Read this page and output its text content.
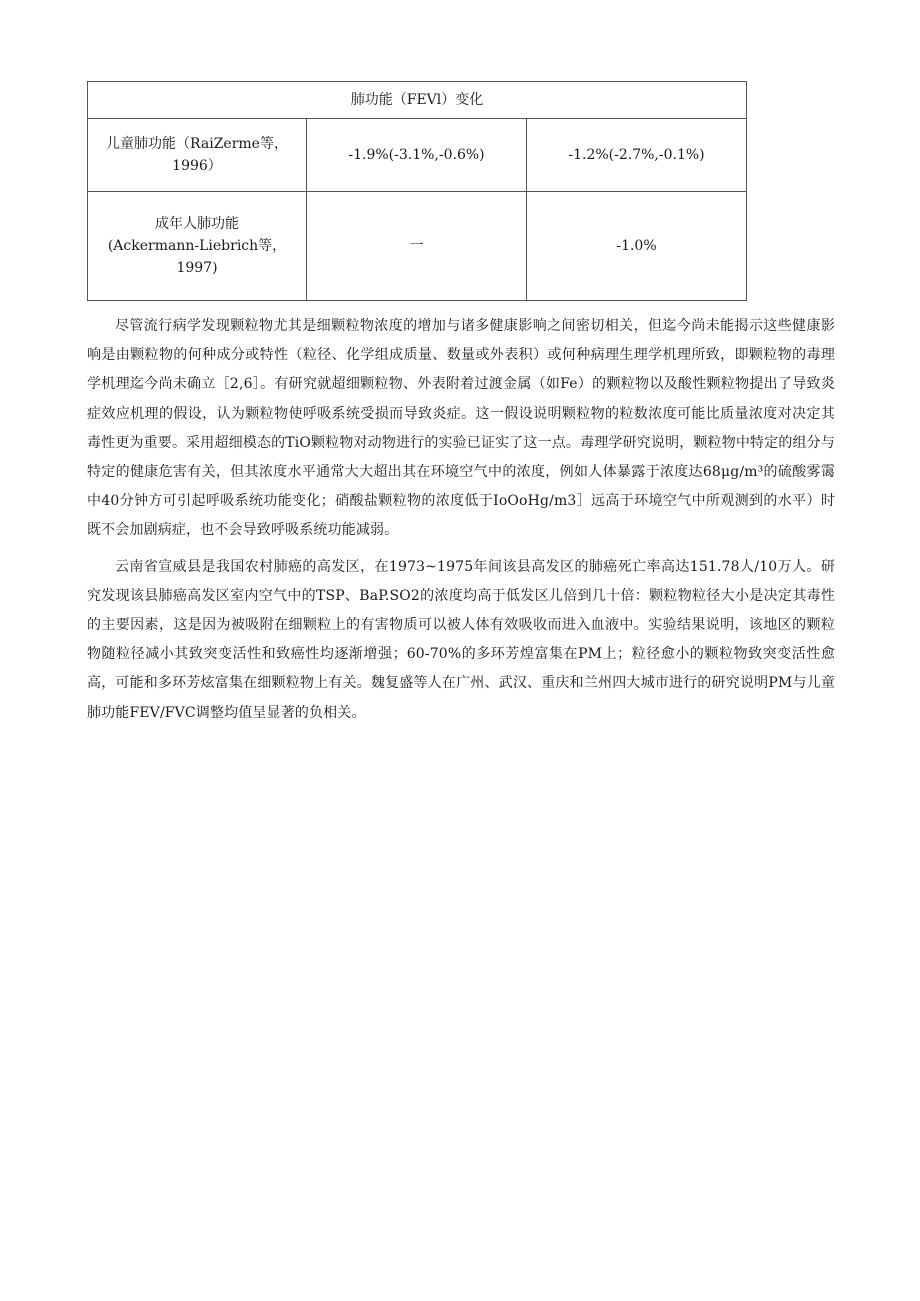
肺功能（FEVl）变化		

儿童肺功能（RaiZerme等，
1996）	-1.9%(-3.1%,-0.6%)	-1.2%(-2.7%,-0.1%)

成年人肺功能
(Ackermann-Liebrich等，
1997)	一	-1.0%

尽管流行病学发现颗粒物尤其是细颗粒物浓度的增加与诸多健康影响之间密切相关，但迄今尚未能揭示这些健康影响是由颗粒物的何种成分或特性（粒径、化学组成质量、数量或外表积）或何种病理生理学机理所致，即颗粒物的毒理学机理迄今尚未确立［2,6］。有研究就超细颗粒物、外表附着过渡金属（如Fe）的颗粒物以及酸性颗粒物提出了导致炎症效应机理的假设，认为颗粒物使呼吸系统受损而导致炎症。这一假设说明颗粒物的粒数浓度可能比质量浓度对决定其毒性更为重要。采用超细模态的TiO颗粒物对动物进行的实验已证实了这一点。毒理学研究说明，颗粒物中特定的组分与特定的健康危害有关，但其浓度水平通常大大超出其在环境空气中的浓度，例如人体暴露于浓度达68μg∕m³的硫酸雾霭中40分钟方可引起呼吸系统功能变化；硝酸盐颗粒物的浓度低于IoOoHg/m3］远高于环境空气中所观测到的水平）时既不会加剧病症，也不会导致呼吸系统功能减弱。

云南省宣威县是我国农村肺癌的高发区，在1973~1975年间该县高发区的肺癌死亡率高达151.78人/10万人。研究发现该县肺癌高发区室内空气中的TSP、BaP.SO2的浓度均高于低发区儿倍到几十倍：颗粒物粒径大小是决定其毒性的主要因素，这是因为被吸附在细颗粒上的有害物质可以被人体有效吸收而进入血液中。实验结果说明，该地区的颗粒物随粒径减小其致突变活性和致癌性均逐渐增强；60-70%的多环芳煌富集在PM上；粒径愈小的颗粒物致突变活性愈高，可能和多环芳炫富集在细颗粒物上有关。魏复盛等人在广州、武汉、重庆和兰州四大城市进行的研究说明PM与儿童肺功能FEV/FVC调整均值呈显著的负相关。
